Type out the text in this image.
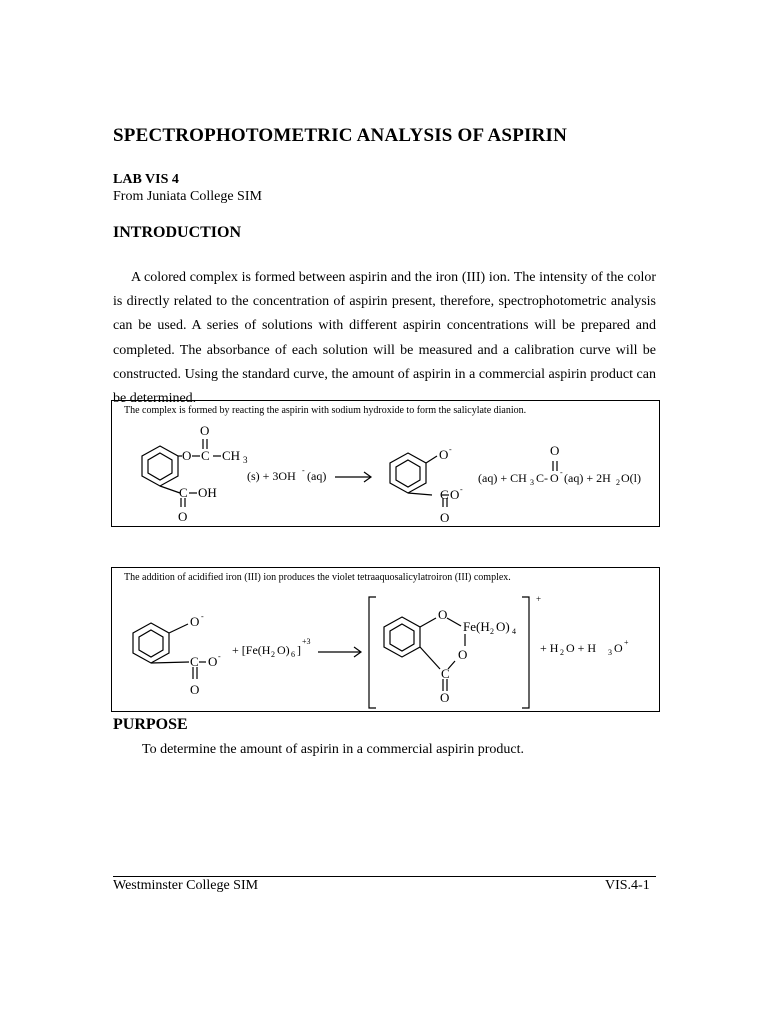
SPECTROPHOTOMETRIC ANALYSIS OF ASPIRIN
LAB VIS 4
From Juniata College SIM
INTRODUCTION
A colored complex is formed between aspirin and the iron (III) ion. The intensity of the color is directly related to the concentration of aspirin present, therefore, spectrophotometric analysis can be used. A series of solutions with different aspirin concentrations will be prepared and completed. The absorbance of each solution will be measured and a calibration curve will be constructed. Using the standard curve, the amount of aspirin in a commercial aspirin product can be determined.
The complex is formed by reacting the aspirin with sodium hydroxide to form the salicylate dianion.
O
O C CH 3
C OH
O
(s) + 3OH - (aq)
O -
C O -
O
O
(aq) + CH 3 C- O - (aq) + 2H 2 O(l)
The addition of acidified iron (III) ion produces the violet tetraaquosalicylatroiron (III) complex.
O -
C O -
O
+ [Fe(H 2 O) 6 ]
+3
+
O
Fe(H 2 O) 4
O
C
O
+ H 2 O + H 3 O +
PURPOSE
To determine the amount of aspirin in a commercial aspirin product.
Westminster College SIM	VIS.4-1
